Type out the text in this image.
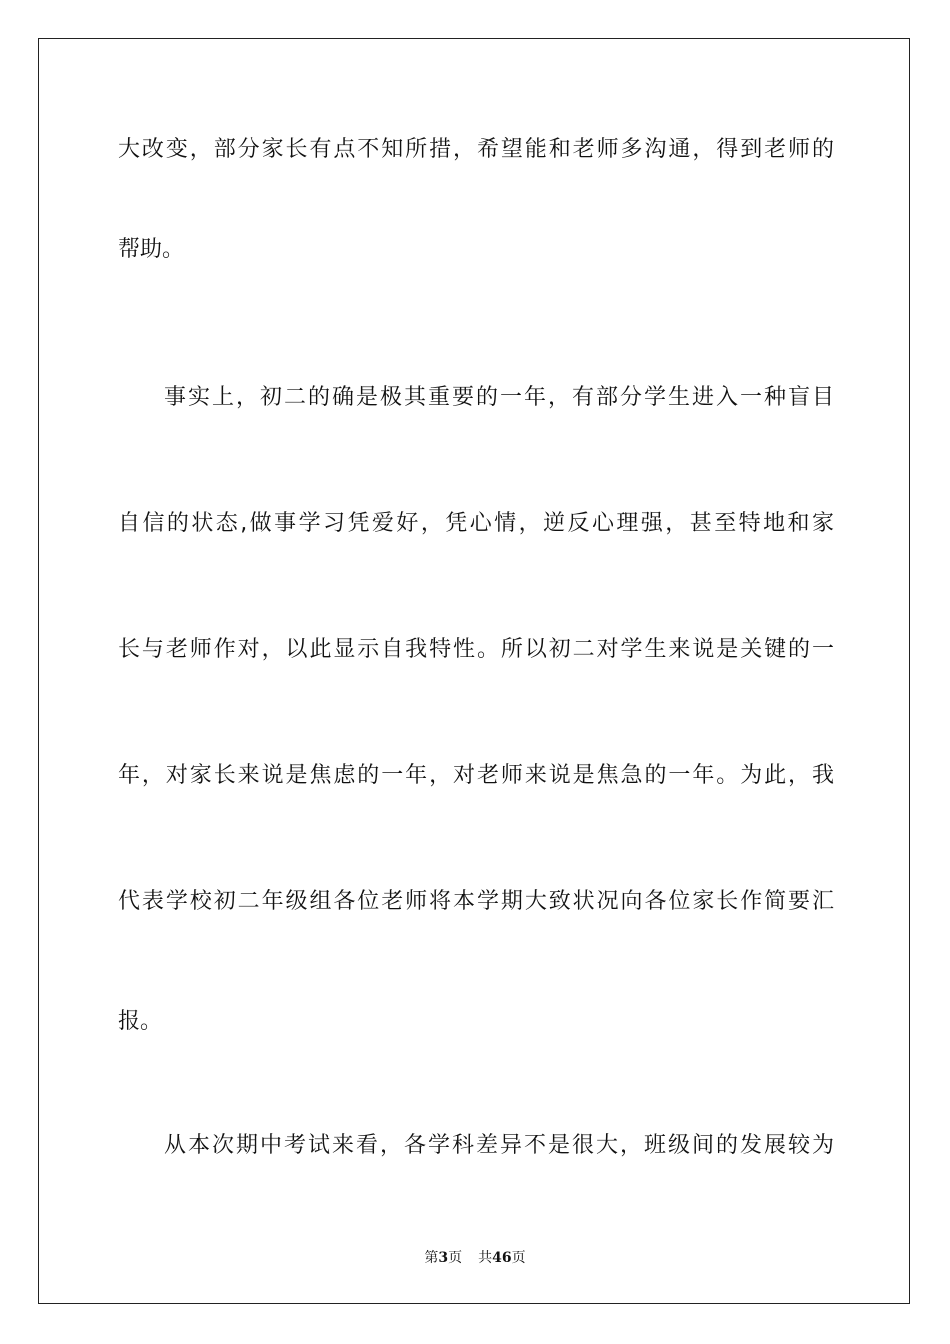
大改变，部分家长有点不知所措，希望能和老师多沟通，得到老师的
帮助。
事实上，初二的确是极其重要的一年，有部分学生进入一种盲目
自信的状态,做事学习凭爱好，凭心情，逆反心理强，甚至特地和家
长与老师作对，以此显示自我特性。所以初二对学生来说是关键的一
年，对家长来说是焦虑的一年，对老师来说是焦急的一年。为此，我
代表学校初二年级组各位老师将本学期大致状况向各位家长作简要汇
报。
从本次期中考试来看，各学科差异不是很大，班级间的发展较为
第3页 共46页
